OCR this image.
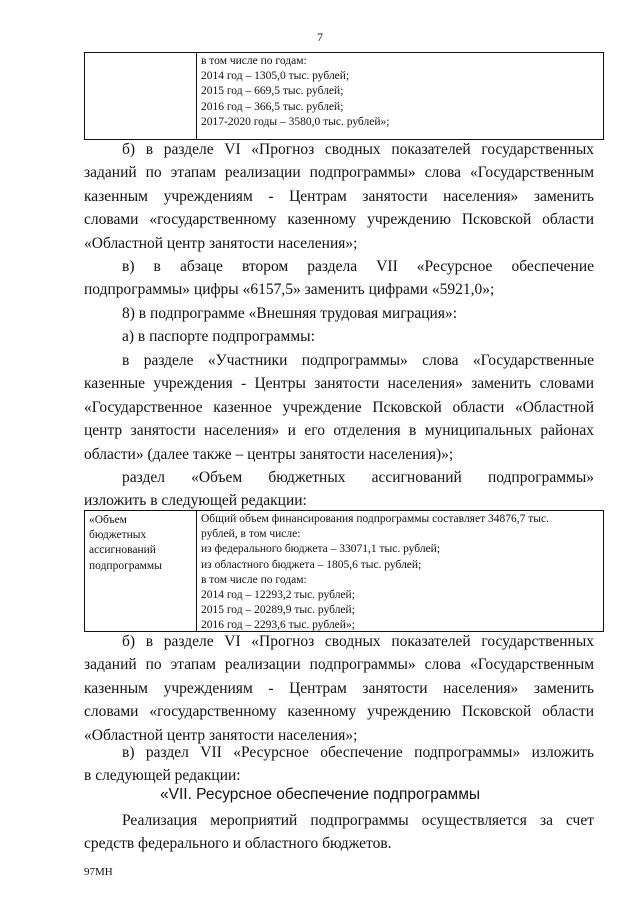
7
в том числе по годам:
2014 год – 1305,0 тыс. рублей;
2015 год – 669,5 тыс. рублей;
2016 год – 366,5 тыс. рублей;
2017-2020 годы – 3580,0 тыс. рублей»;
б) в разделе VI «Прогноз сводных показателей государственных
заданий по этапам реализации подпрограммы» слова «Государственным
казенным учреждениям - Центрам занятости населения» заменить
словами «государственному казенному учреждению Псковской области
«Областной центр занятости населения»;
в) в абзаце втором раздела VII «Ресурсное обеспечение
подпрограммы» цифры «6157,5» заменить цифрами «5921,0»;
8) в подпрограмме «Внешняя трудовая миграция»:
а) в паспорте подпрограммы:
в разделе «Участники подпрограммы» слова «Государственные
казенные учреждения - Центры занятости населения» заменить словами
«Государственное казенное учреждение Псковской области «Областной
центр занятости населения» и его отделения в муниципальных районах
области» (далее также – центры занятости населения)»;
раздел «Объем бюджетных ассигнований подпрограммы»
изложить в следующей редакции:
«Объем
бюджетных
ассигнований
подпрограммы
Общий объем финансирования подпрограммы составляет 34876,7 тыс.
рублей, в том числе:
из федерального бюджета – 33071,1 тыс. рублей;
из областного бюджета – 1805,6 тыс. рублей;
в том числе по годам:
2014 год – 12293,2 тыс. рублей;
2015 год – 20289,9 тыс. рублей;
2016 год – 2293,6 тыс. рублей»;
б) в разделе VI «Прогноз сводных показателей государственных
заданий по этапам реализации подпрограммы» слова «Государственным
казенным учреждениям - Центрам занятости населения» заменить
словами «государственному казенному учреждению Псковской области
«Областной центр занятости населения»;
в) раздел VII «Ресурсное обеспечение подпрограммы» изложить
в следующей редакции:
«VII. Ресурсное обеспечение подпрограммы
Реализация мероприятий подпрограммы осуществляется за счет
средств федерального и областного бюджетов.
97МН
